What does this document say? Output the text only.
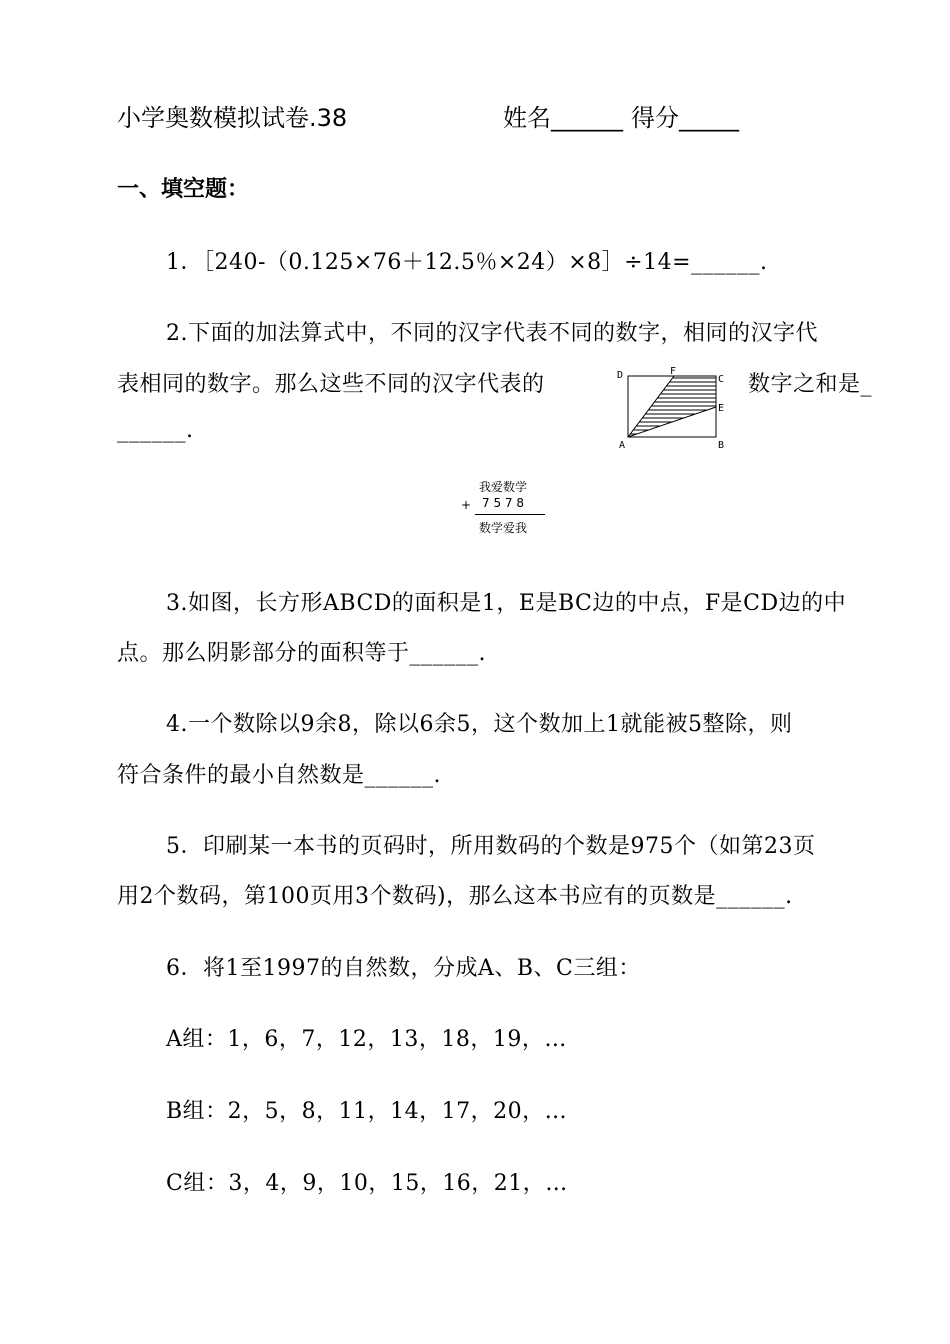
小学奥数模拟试卷.38	姓名______ 得分_____
一、填空题：
1．［240-（0.125×76＋12.5％×24）×8］÷14=______.
2.下面的加法算式中，不同的汉字代表不同的数字，相同的汉字代
表相同的数字。那么这些不同的汉字代表的	数字之和是_
______.
D	F
C
E
A	B
我爱数学
+ 7 5 7 8
数学爱我
3.如图，长方形ABCD的面积是1，E是BC边的中点，F是CD边的中
点。那么阴影部分的面积等于______.
4.一个数除以9余8，除以6余5，这个数加上1就能被5整除，则
符合条件的最小自然数是______.
5．印刷某一本书的页码时，所用数码的个数是975个（如第23页
用2个数码，第100页用3个数码)，那么这本书应有的页数是______.
6．将1至1997的自然数，分成A、B、C三组：
A组：1，6，7，12，13，18，19，…
B组：2，5，8，11，14，17，20，…
C组：3，4，9，10，15，16，21，…
